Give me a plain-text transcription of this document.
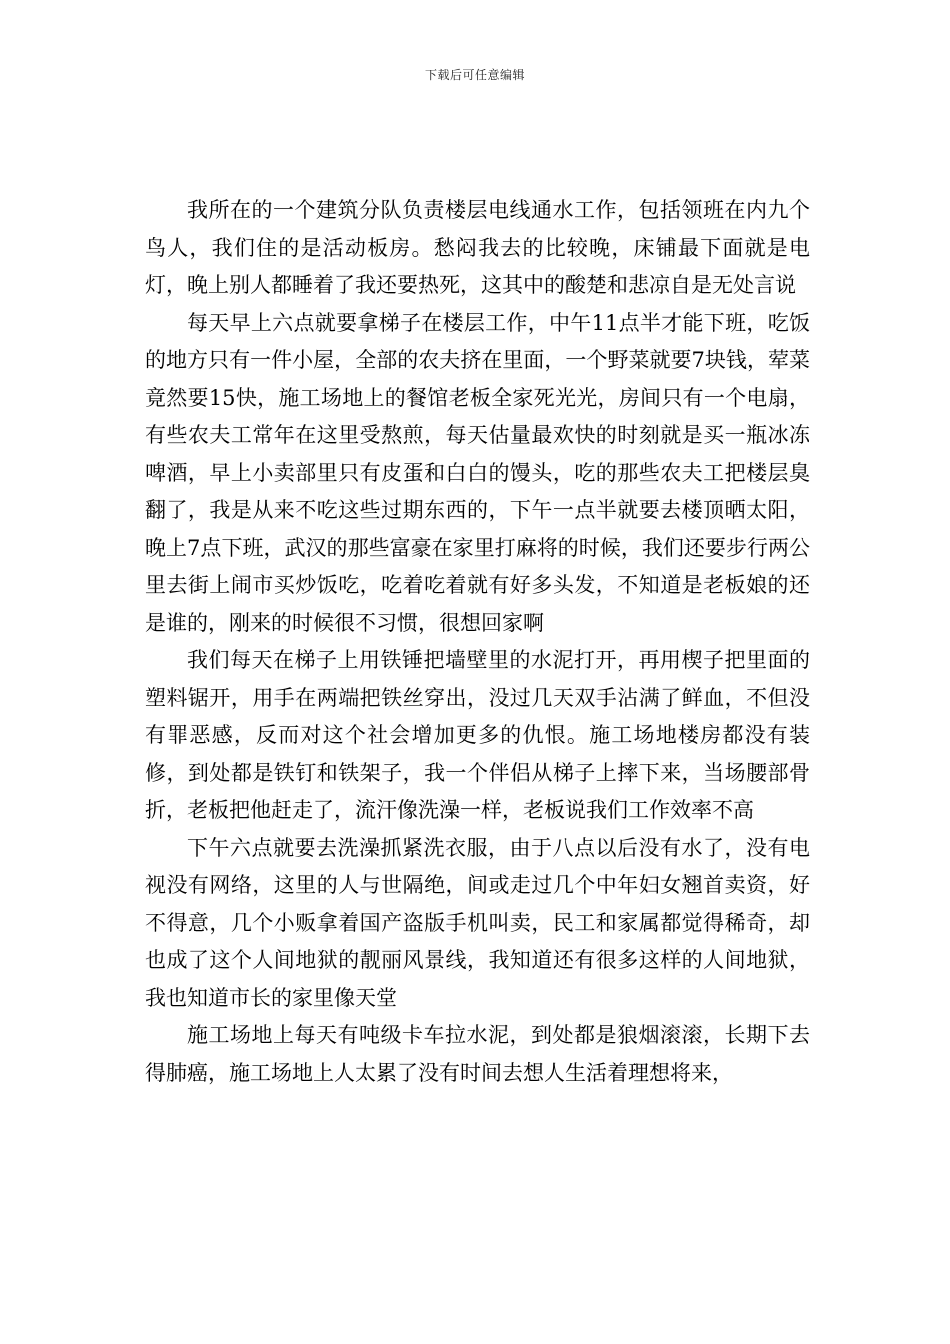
下载后可任意编辑

我所在的一个建筑分队负责楼层电线通水工作，包括领班在内九个鸟人，我们住的是活动板房。愁闷我去的比较晚，床铺最下面就是电灯，晚上别人都睡着了我还要热死，这其中的酸楚和悲凉自是无处言说

每天早上六点就要拿梯子在楼层工作，中午11点半才能下班，吃饭的地方只有一件小屋，全部的农夫挤在里面，一个野菜就要7块钱，荤菜竟然要15快，施工场地上的餐馆老板全家死光光，房间只有一个电扇，有些农夫工常年在这里受熬煎，每天估量最欢快的时刻就是买一瓶冰冻啤酒，早上小卖部里只有皮蛋和白白的馒头，吃的那些农夫工把楼层臭翻了，我是从来不吃这些过期东西的，下午一点半就要去楼顶晒太阳，晚上7点下班，武汉的那些富豪在家里打麻将的时候，我们还要步行两公里去街上闹市买炒饭吃，吃着吃着就有好多头发，不知道是老板娘的还是谁的，刚来的时候很不习惯，很想回家啊

我们每天在梯子上用铁锤把墙壁里的水泥打开，再用楔子把里面的塑料锯开，用手在两端把铁丝穿出，没过几天双手沾满了鲜血，不但没有罪恶感，反而对这个社会增加更多的仇恨。施工场地楼房都没有装修，到处都是铁钉和铁架子，我一个伴侣从梯子上摔下来，当场腰部骨折，老板把他赶走了，流汗像洗澡一样，老板说我们工作效率不高

下午六点就要去洗澡抓紧洗衣服，由于八点以后没有水了，没有电视没有网络，这里的人与世隔绝，间或走过几个中年妇女翘首卖资，好不得意，几个小贩拿着国产盗版手机叫卖，民工和家属都觉得稀奇，却也成了这个人间地狱的靓丽风景线，我知道还有很多这样的人间地狱，我也知道市长的家里像天堂

施工场地上每天有吨级卡车拉水泥，到处都是狼烟滚滚，长期下去得肺癌，施工场地上人太累了没有时间去想人生活着理想将来，
